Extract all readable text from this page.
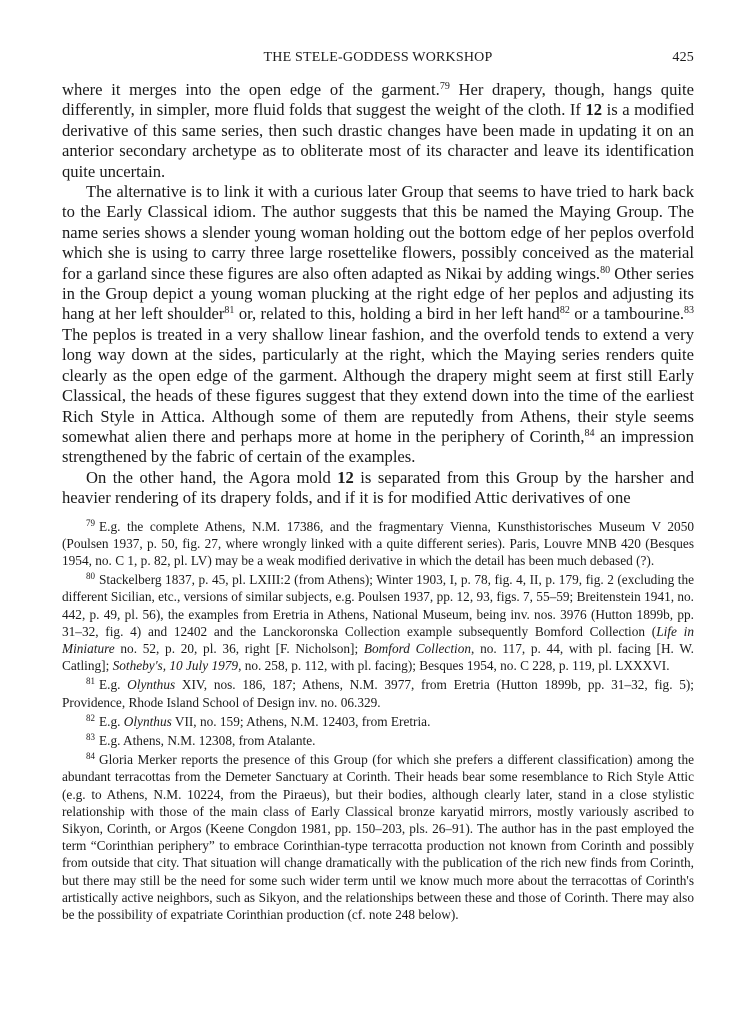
THE STELE-GODDESS WORKSHOP	425

where it merges into the open edge of the garment.$^{79}$ Her drapery, though, hangs quite differently, in simpler, more fluid folds that suggest the weight of the cloth. If 12 is a modified derivative of this same series, then such drastic changes have been made in updating it on an anterior secondary archetype as to obliterate most of its character and leave its identification quite uncertain.

The alternative is to link it with a curious later Group that seems to have tried to hark back to the Early Classical idiom. The author suggests that this be named the Maying Group. The name series shows a slender young woman holding out the bottom edge of her peplos overfold which she is using to carry three large rosettelike flowers, possibly conceived as the material for a garland since these figures are also often adapted as Nikai by adding wings.$^{80}$ Other series in the Group depict a young woman plucking at the right edge of her peplos and adjusting its hang at her left shoulder$^{81}$ or, related to this, holding a bird in her left hand$^{82}$ or a tambourine.$^{83}$ The peplos is treated in a very shallow linear fashion, and the overfold tends to extend a very long way down at the sides, particularly at the right, which the Maying series renders quite clearly as the open edge of the garment. Although the drapery might seem at first still Early Classical, the heads of these figures suggest that they extend down into the time of the earliest Rich Style in Attica. Although some of them are reputedly from Athens, their style seems somewhat alien there and perhaps more at home in the periphery of Corinth,$^{84}$ an impression strengthened by the fabric of certain of the examples.

On the other hand, the Agora mold 12 is separated from this Group by the harsher and heavier rendering of its drapery folds, and if it is for modified Attic derivatives of one

$^{79}$ E.g. the complete Athens, N.M. 17386, and the fragmentary Vienna, Kunsthistorisches Museum V 2050 (Poulsen 1937, p. 50, fig. 27, where wrongly linked with a quite different series). Paris, Louvre MNB 420 (Besques 1954, no. C 1, p. 82, pl. LV) may be a weak modified derivative in which the detail has been much debased (?).

$^{80}$ Stackelberg 1837, p. 45, pl. LXIII:2 (from Athens); Winter 1903, I, p. 78, fig. 4, II, p. 179, fig. 2 (excluding the different Sicilian, etc., versions of similar subjects, e.g. Poulsen 1937, pp. 12, 93, figs. 7, 55–59; Breitenstein 1941, no. 442, p. 49, pl. 56), the examples from Eretria in Athens, National Museum, being inv. nos. 3976 (Hutton 1899b, pp. 31–32, fig. 4) and 12402 and the Lanckoronska Collection example subsequently Bomford Collection (Life in Miniature no. 52, p. 20, pl. 36, right [F. Nicholson]; Bomford Collection, no. 117, p. 44, with pl. facing [H. W. Catling]; Sotheby's, 10 July 1979, no. 258, p. 112, with pl. facing); Besques 1954, no. C 228, p. 119, pl. LXXXVI.

$^{81}$ E.g. Olynthus XIV, nos. 186, 187; Athens, N.M. 3977, from Eretria (Hutton 1899b, pp. 31–32, fig. 5); Providence, Rhode Island School of Design inv. no. 06.329.

$^{82}$ E.g. Olynthus VII, no. 159; Athens, N.M. 12403, from Eretria.

$^{83}$ E.g. Athens, N.M. 12308, from Atalante.

$^{84}$ Gloria Merker reports the presence of this Group (for which she prefers a different classification) among the abundant terracottas from the Demeter Sanctuary at Corinth. Their heads bear some resemblance to Rich Style Attic (e.g. to Athens, N.M. 10224, from the Piraeus), but their bodies, although clearly later, stand in a close stylistic relationship with those of the main class of Early Classical bronze karyatid mirrors, mostly variously ascribed to Sikyon, Corinth, or Argos (Keene Congdon 1981, pp. 150–203, pls. 26–91). The author has in the past employed the term “Corinthian periphery” to embrace Corinthian-type terracotta production not known from Corinth and possibly from outside that city. That situation will change dramatically with the publication of the rich new finds from Corinth, but there may still be the need for some such wider term until we know much more about the terracottas of Corinth's artistically active neighbors, such as Sikyon, and the relationships between these and those of Corinth. There may also be the possibility of expatriate Corinthian production (cf. note 248 below).
